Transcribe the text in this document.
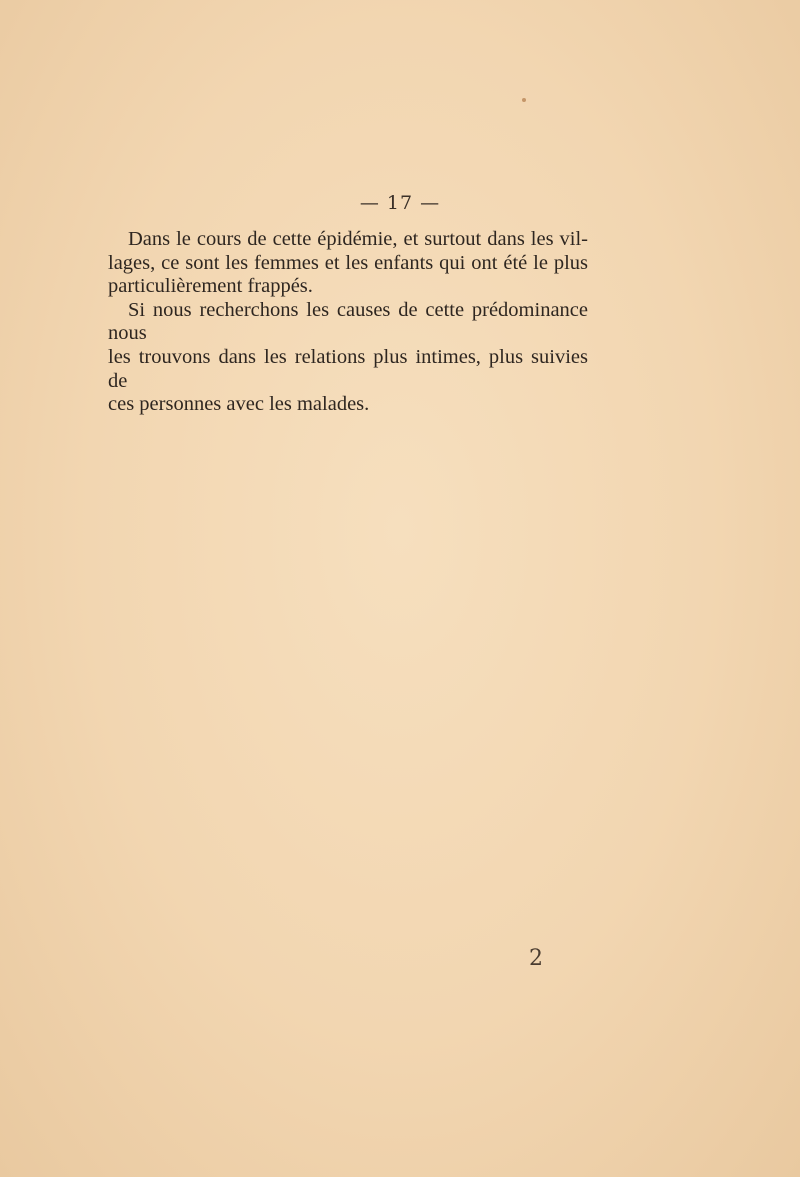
— 17 —

Dans le cours de cette épidémie, et surtout dans les vil-
lages, ce sont les femmes et les enfants qui ont été le plus
particulièrement frappés.

Si nous recherchons les causes de cette prédominance nous
les trouvons dans les relations plus intimes, plus suivies de
ces personnes avec les malades.

2
